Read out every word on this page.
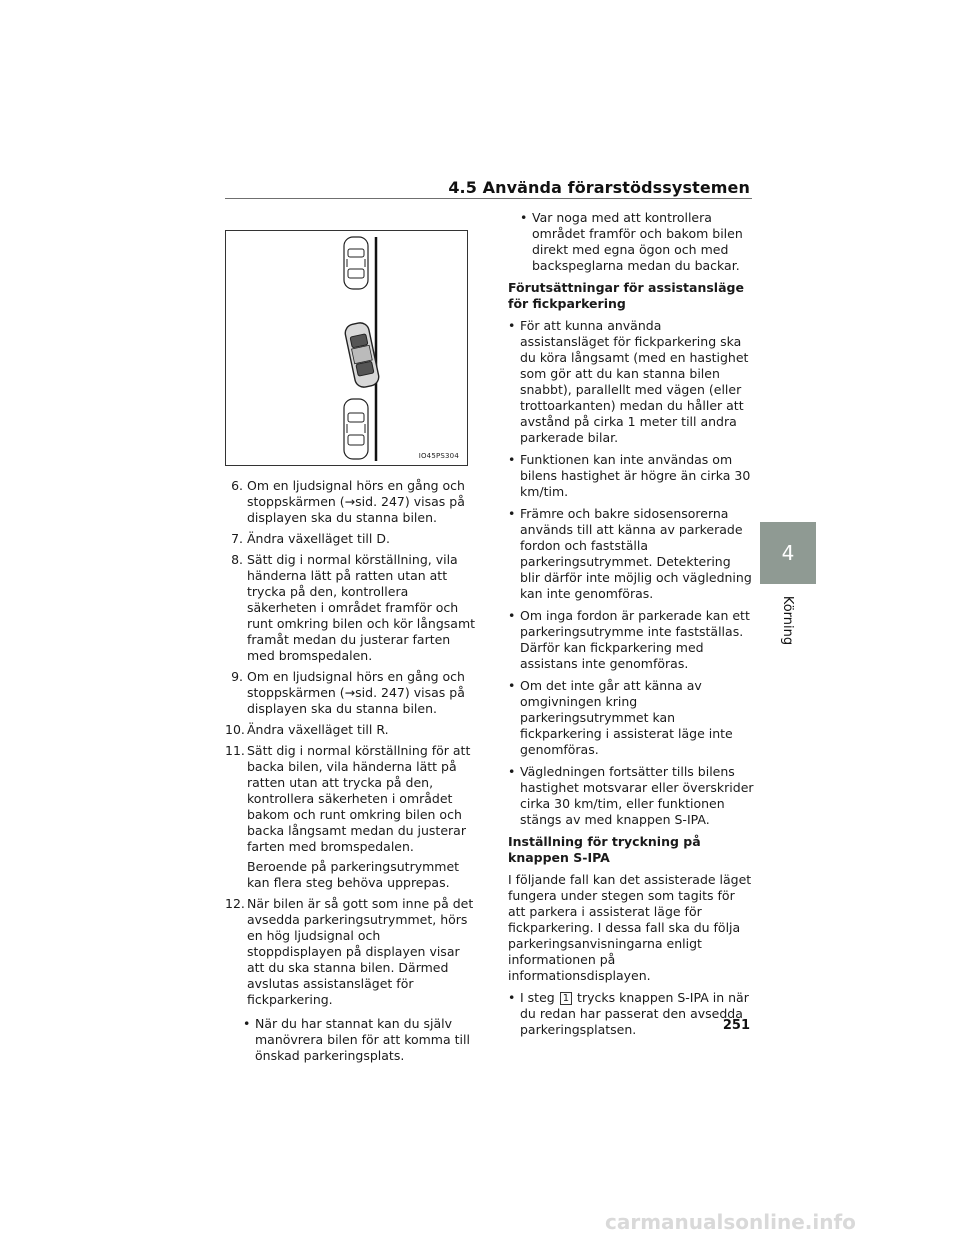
4.5 Använda förarstödssystemen
4
Körning
IO45PS304
6. Om en ljudsignal hörs en gång och stoppskärmen (→sid. 247) visas på displayen ska du stanna bilen.

7. Ändra växelläget till D.

8. Sätt dig i normal körställning, vila händerna lätt på ratten utan att trycka på den, kontrollera säkerheten i området framför och runt omkring bilen och kör långsamt framåt medan du justerar farten med bromspedalen.

9. Om en ljudsignal hörs en gång och stoppskärmen (→sid. 247) visas på displayen ska du stanna bilen.

10. Ändra växelläget till R.

11. Sätt dig i normal körställning för att backa bilen, vila händerna lätt på ratten utan att trycka på den, kontrollera säkerheten i området bakom och runt omkring bilen och backa långsamt medan du justerar farten med bromspedalen.

Beroende på parkeringsutrymmet kan flera steg behöva upprepas.

12. När bilen är så gott som inne på det avsedda parkeringsutrymmet, hörs en hög ljudsignal och stoppdisplayen på displayen visar att du ska stanna bilen. Därmed avslutas assistansläget för fickparkering.

• När du har stannat kan du själv manövrera bilen för att komma till önskad parkeringsplats.
• Var noga med att kontrollera området framför och bakom bilen direkt med egna ögon och med backspeglarna medan du backar.
Förutsättningar för assistansläge för fickparkering
• För att kunna använda assistansläget för fickparkering ska du köra långsamt (med en hastighet som gör att du kan stanna bilen snabbt), parallellt med vägen (eller trottoarkanten) medan du håller att avstånd på cirka 1 meter till andra parkerade bilar.
• Funktionen kan inte användas om bilens hastighet är högre än cirka 30 km/tim.
• Främre och bakre sidosensorerna används till att känna av parkerade fordon och fastställa parkeringsutrymmet. Detektering blir därför inte möjlig och vägledning kan inte genomföras.
• Om inga fordon är parkerade kan ett parkeringsutrymme inte fastställas. Därför kan fickparkering med assistans inte genomföras.
• Om det inte går att känna av omgivningen kring parkeringsutrymmet kan fickparkering i assisterat läge inte genomföras.
• Vägledningen fortsätter tills bilens hastighet motsvarar eller överskrider cirka 30 km/tim, eller funktionen stängs av med knappen S-IPA.
Inställning för tryckning på knappen S-IPA

I följande fall kan det assisterade läget fungera under stegen som tagits för att parkera i assisterat läge för fickparkering. I dessa fall ska du följa parkeringsanvisningarna enligt informationen på informationsdisplayen.

• I steg 1 trycks knappen S-IPA in när du redan har passerat den avsedda parkeringsplatsen.	251
carmanualsonline.info
